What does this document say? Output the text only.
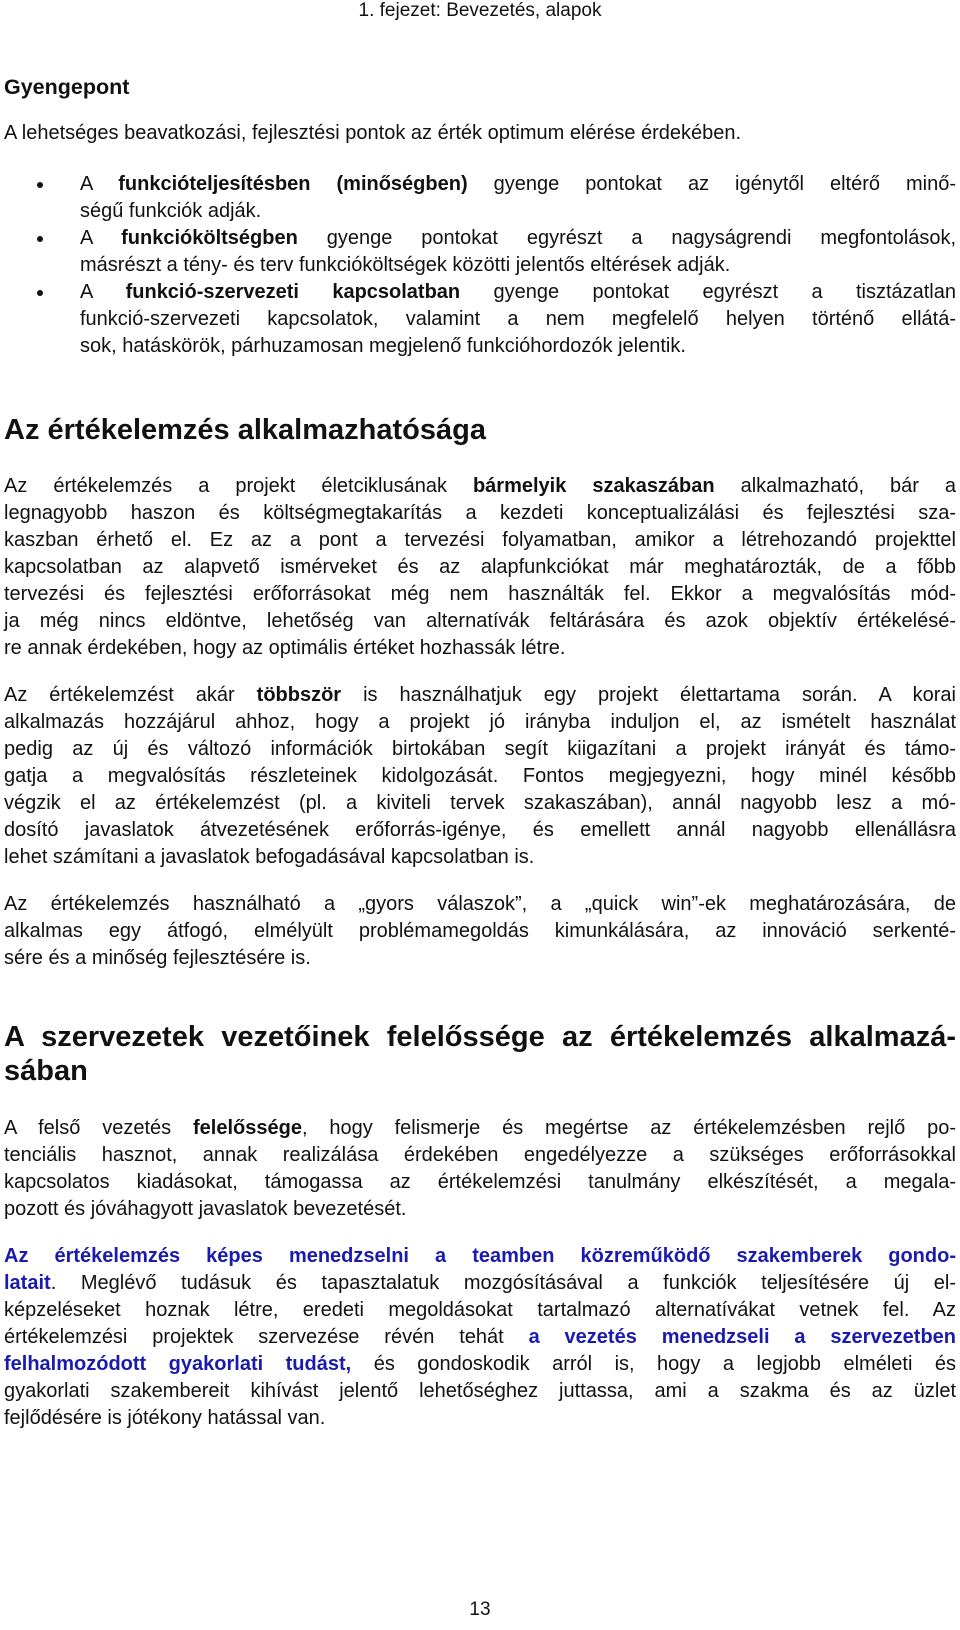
1. fejezet: Bevezetés, alapok
Gyengepont

A lehetséges beavatkozási, fejlesztési pontok az érték optimum elérése érdekében.

A funkcióteljesítésben (minőségben) gyenge pontokat az igénytől eltérő minő-

ségű funkciók adják.

A funkcióköltségben gyenge pontokat egyrészt a nagyságrendi megfontolások,

másrészt a tény- és terv funkcióköltségek közötti jelentős eltérések adják.

A funkció-szervezeti kapcsolatban gyenge pontokat egyrészt a tisztázatlan

funkció-szervezeti kapcsolatok, valamint a nem megfelelő helyen történő ellátá-

sok, hatáskörök, párhuzamosan megjelenő funkcióhordozók jelentik.

Az értékelemzés alkalmazhatósága

Az értékelemzés a projekt életciklusának bármelyik szakaszában alkalmazható, bár a

legnagyobb haszon és költségmegtakarítás a kezdeti konceptualizálási és fejlesztési sza-

kaszban érhető el. Ez az a pont a tervezési folyamatban, amikor a létrehozandó projekttel

kapcsolatban az alapvető ismérveket és az alapfunkciókat már meghatározták, de a főbb

tervezési és fejlesztési erőforrásokat még nem használták fel. Ekkor a megvalósítás mód-

ja még nincs eldöntve, lehetőség van alternatívák feltárására és azok objektív értékelésé-

re annak érdekében, hogy az optimális értéket hozhassák létre.

Az értékelemzést akár többször is használhatjuk egy projekt élettartama során. A korai

alkalmazás hozzájárul ahhoz, hogy a projekt jó irányba induljon el, az ismételt használat

pedig az új és változó információk birtokában segít kiigazítani a projekt irányát és támo-

gatja a megvalósítás részleteinek kidolgozását. Fontos megjegyezni, hogy minél később

végzik el az értékelemzést (pl. a kiviteli tervek szakaszában), annál nagyobb lesz a mó-

dosító javaslatok átvezetésének erőforrás-igénye, és emellett annál nagyobb ellenállásra

lehet számítani a javaslatok befogadásával kapcsolatban is.

Az értékelemzés használható a „gyors válaszok”, a „quick win”-ek meghatározására, de

alkalmas egy átfogó, elmélyült problémamegoldás kimunkálására, az innováció serkenté-

sére és a minőség fejlesztésére is.

A szervezetek vezetőinek felelőssége az értékelemzés alkalmazá-
sában

A felső vezetés felelőssége, hogy felismerje és megértse az értékelemzésben rejlő po-

tenciális hasznot, annak realizálása érdekében engedélyezze a szükséges erőforrásokkal

kapcsolatos kiadásokat, támogassa az értékelemzési tanulmány elkészítését, a megala-

pozott és jóváhagyott javaslatok bevezetését.

Az értékelemzés képes menedzselni a teamben közreműködő szakemberek gondo-

latait. Meglévő tudásuk és tapasztalatuk mozgósításával a funkciók teljesítésére új el-

képzeléseket hoznak létre, eredeti megoldásokat tartalmazó alternatívákat vetnek fel. Az

értékelemzési projektek szervezése révén tehát a vezetés menedzseli a szervezetben

felhalmozódott gyakorlati tudást, és gondoskodik arról is, hogy a legjobb elméleti és

gyakorlati szakembereit kihívást jelentő lehetőséghez juttassa, ami a szakma és az üzlet

fejlődésére is jótékony hatással van.

13
